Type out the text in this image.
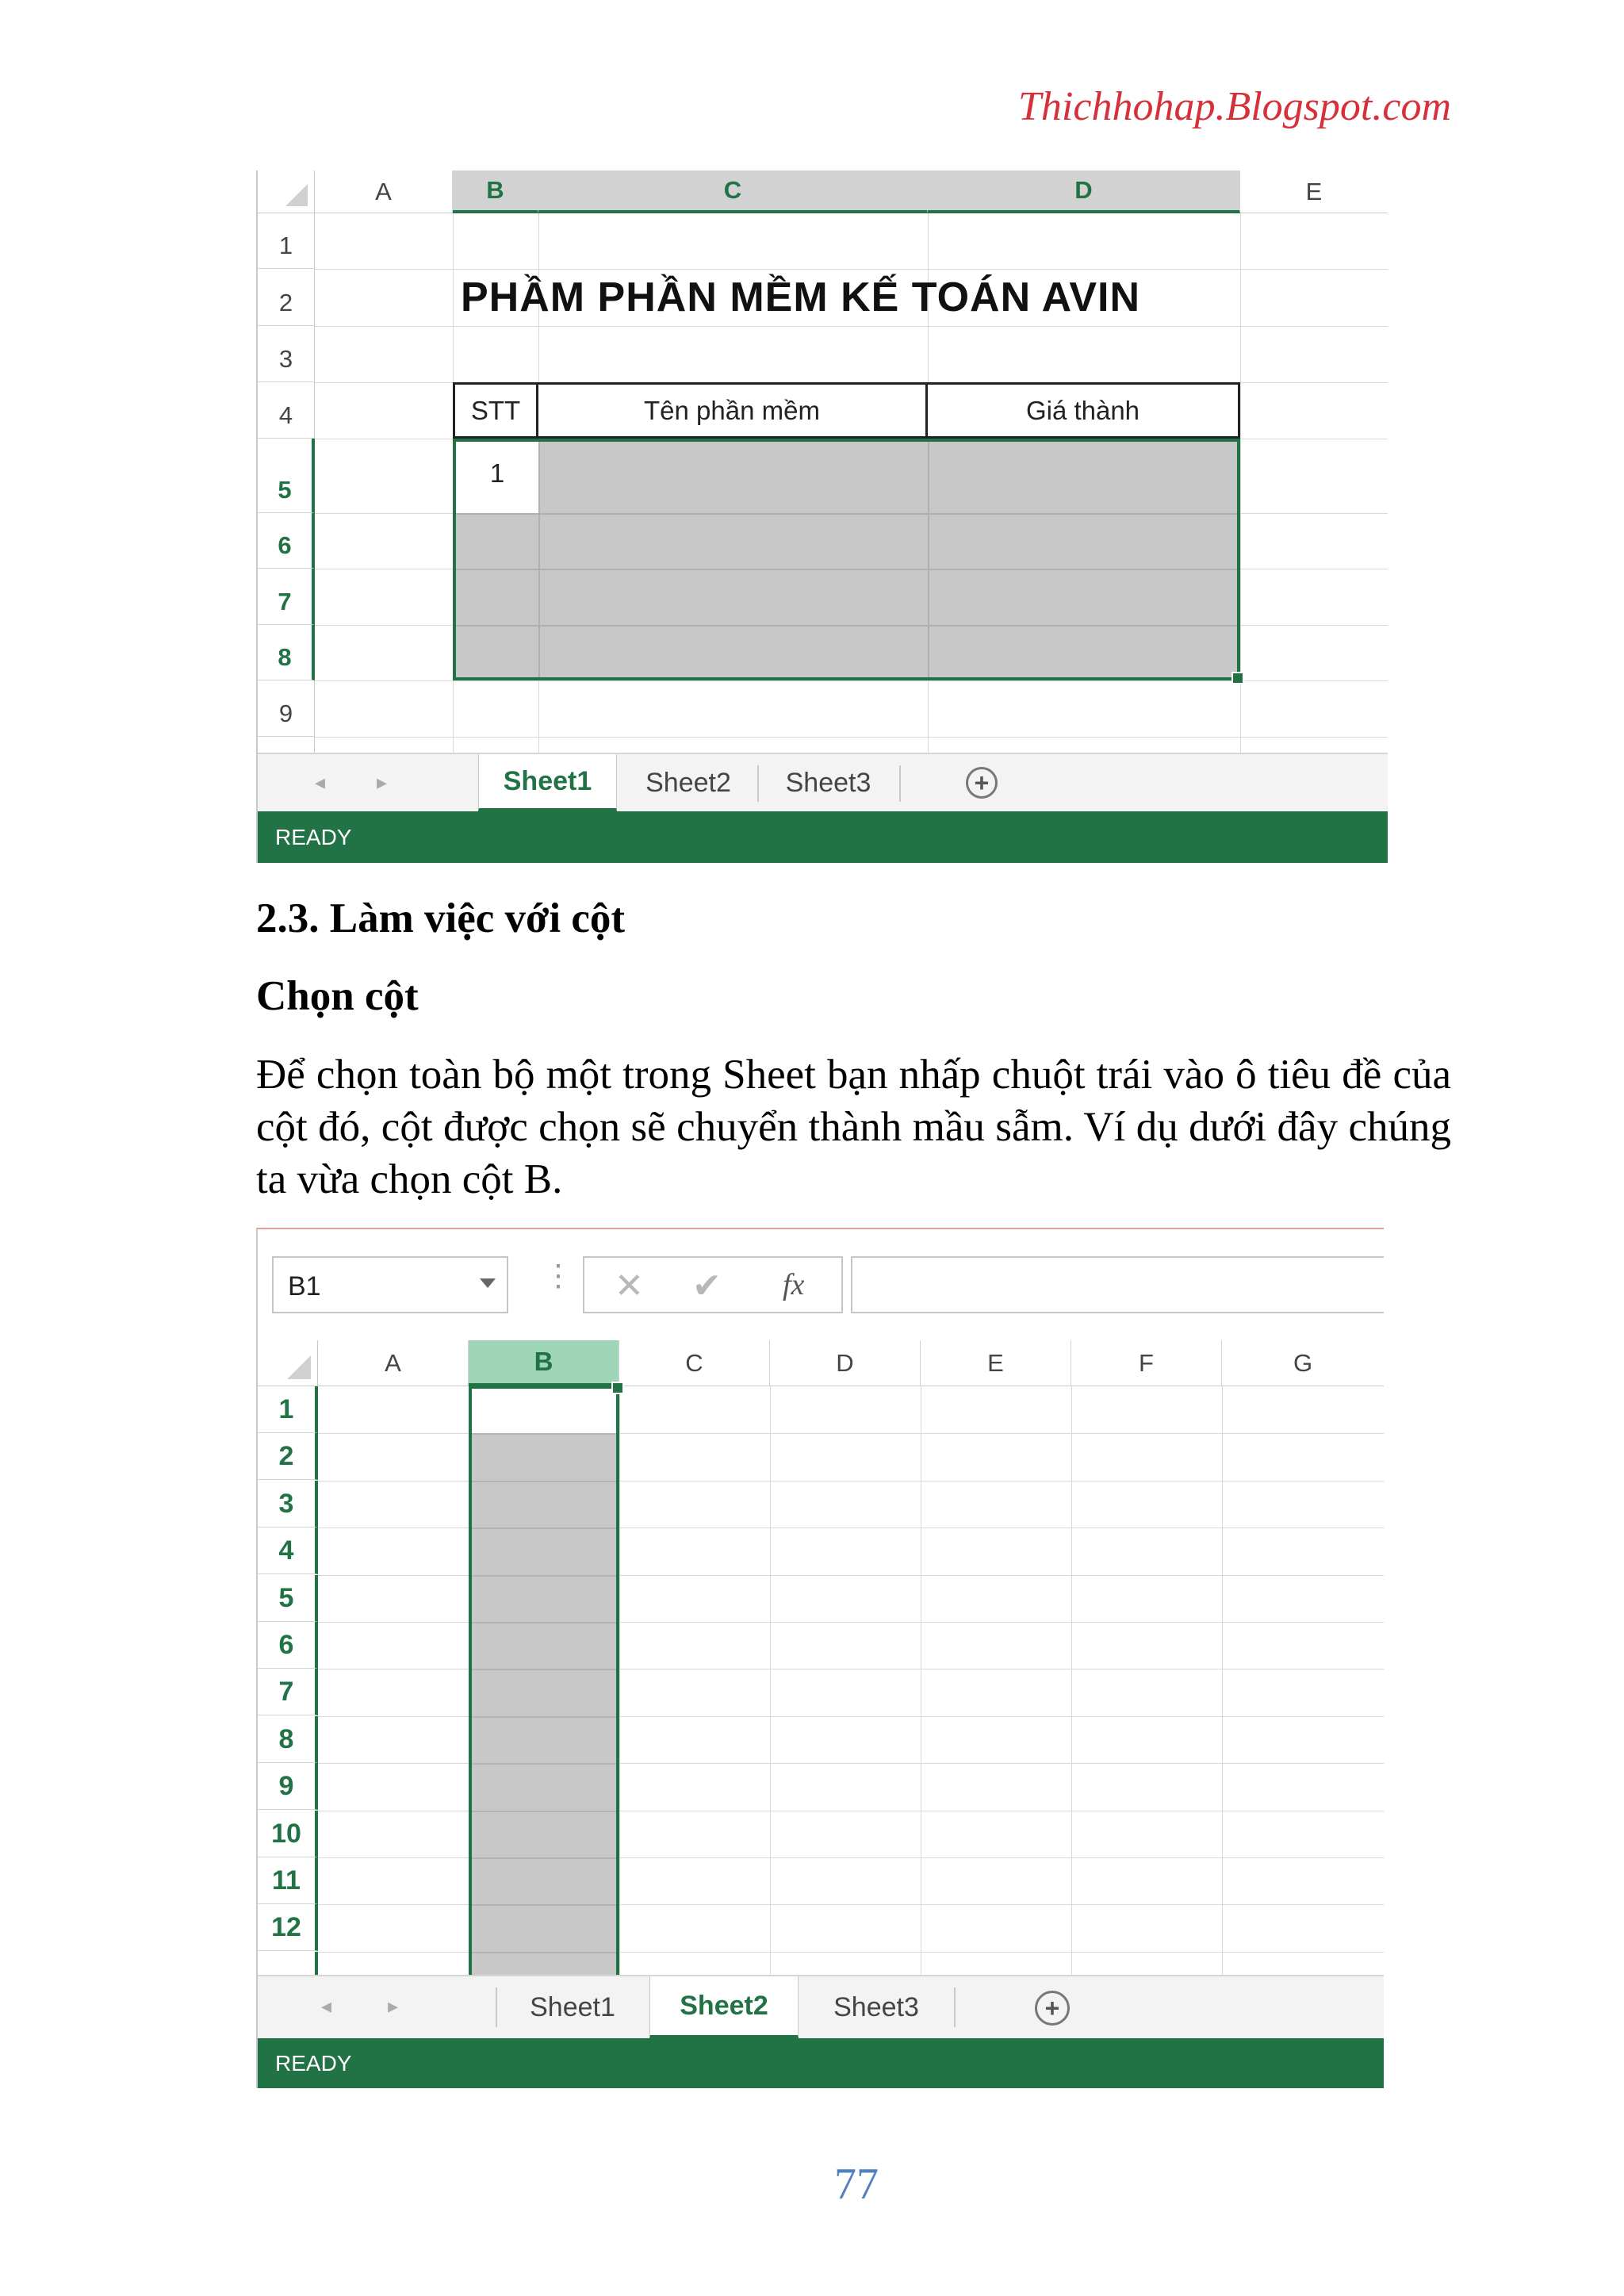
Thichhohap.Blogspot.com
A	B	C	D	E
1
2
3
4
5
6
7
8
9
PHẦM PHẦN MỀM KẾ TOÁN AVIN
STT	Tên phần mềm	Giá thành
1
◂ ▸	Sheet1	Sheet2	Sheet3	+
READY
2.3. Làm việc với cột
Chọn cột
Để chọn toàn bộ một trong Sheet bạn nhấp chuột trái vào ô tiêu đề của cột đó, cột được chọn sẽ chuyển thành mầu sẫm. Ví dụ dưới đây chúng ta vừa chọn cột B.
B1	⋮ ✕ ✔ fx
A	B	C	D	E	F	G
1
2
3
4
5
6
7
8
9
10
11
12
◂	▸	Sheet1	Sheet2	Sheet3	+
READY
77
